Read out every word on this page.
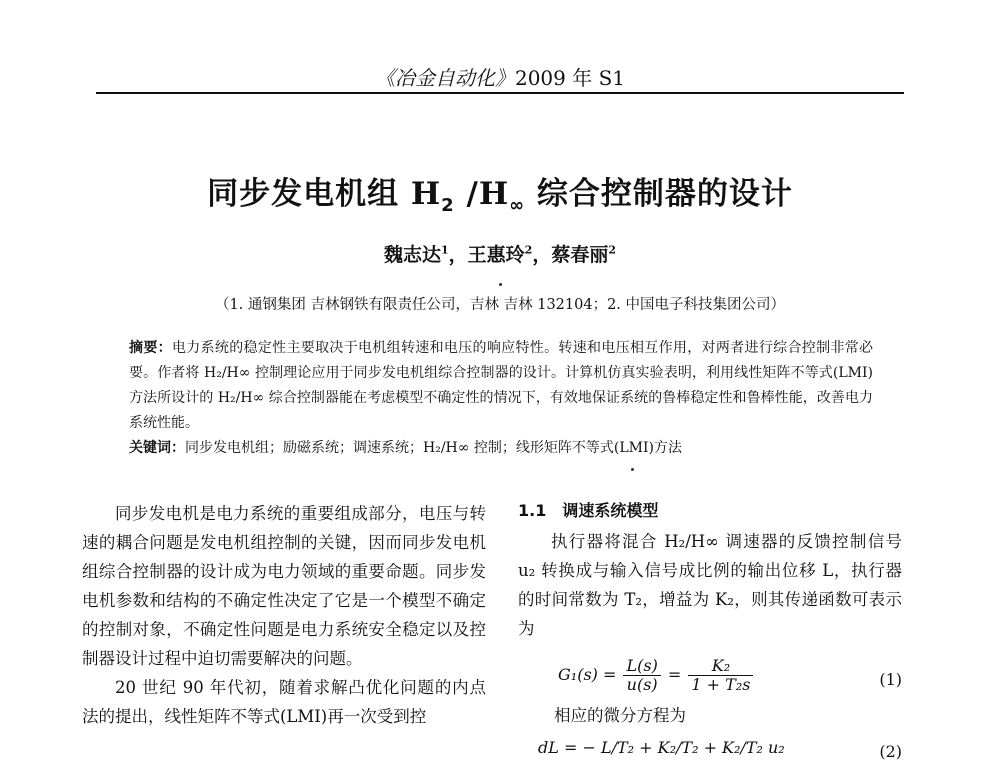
《冶金自动化》2009 年 S1
同步发电机组 $H_2$ $/H_\infty$ 综合控制器的设计
魏志达$^1$，王惠玲$^2$，蔡春丽$^2$
（1. 通钢集团 吉林钢铁有限责任公司，吉林 吉林 132104；2. 中国电子科技集团公司）
摘要：电力系统的稳定性主要取决于电机组转速和电压的响应特性。转速和电压相互作用，对两者进行综合控制非常必要。作者将 H₂/H∞ 控制理论应用于同步发电机组综合控制器的设计。计算机仿真实验表明，利用线性矩阵不等式(LMI)方法所设计的 H₂/H∞ 综合控制器能在考虑模型不确定性的情况下，有效地保证系统的鲁棒稳定性和鲁棒性能，改善电力系统性能。
关键词：同步发电机组；励磁系统；调速系统；H₂/H∞ 控制；线形矩阵不等式(LMI)方法

同步发电机是电力系统的重要组成部分，电压与转速的耦合问题是发电机组控制的关键，因而同步发电机组综合控制器的设计成为电力领域的重要命题。同步发电机参数和结构的不确定性决定了它是一个模型不确定的控制对象，不确定性问题是电力系统安全稳定以及控制器设计过程中迫切需要解决的问题。

20 世纪 90 年代初，随着求解凸优化问题的内点法的提出，线性矩阵不等式(LMI)再一次受到控

1.1　调速系统模型

执行器将混合 H₂/H∞ 调速器的反馈控制信号 u₂ 转换成与输入信号成比例的输出位移 L，执行器的时间常数为 T₂，增益为 K₂，则其传递函数可表示为

$G_1(s) = \frac{L(s)}{u(s)} = \frac{\text{K₂}}{\text{1 + T₂s}}$	(1)

相应的微分方程为

dL = − L/T₂ + K₂/T₂ + K₂/T₂ u₂	(2)
